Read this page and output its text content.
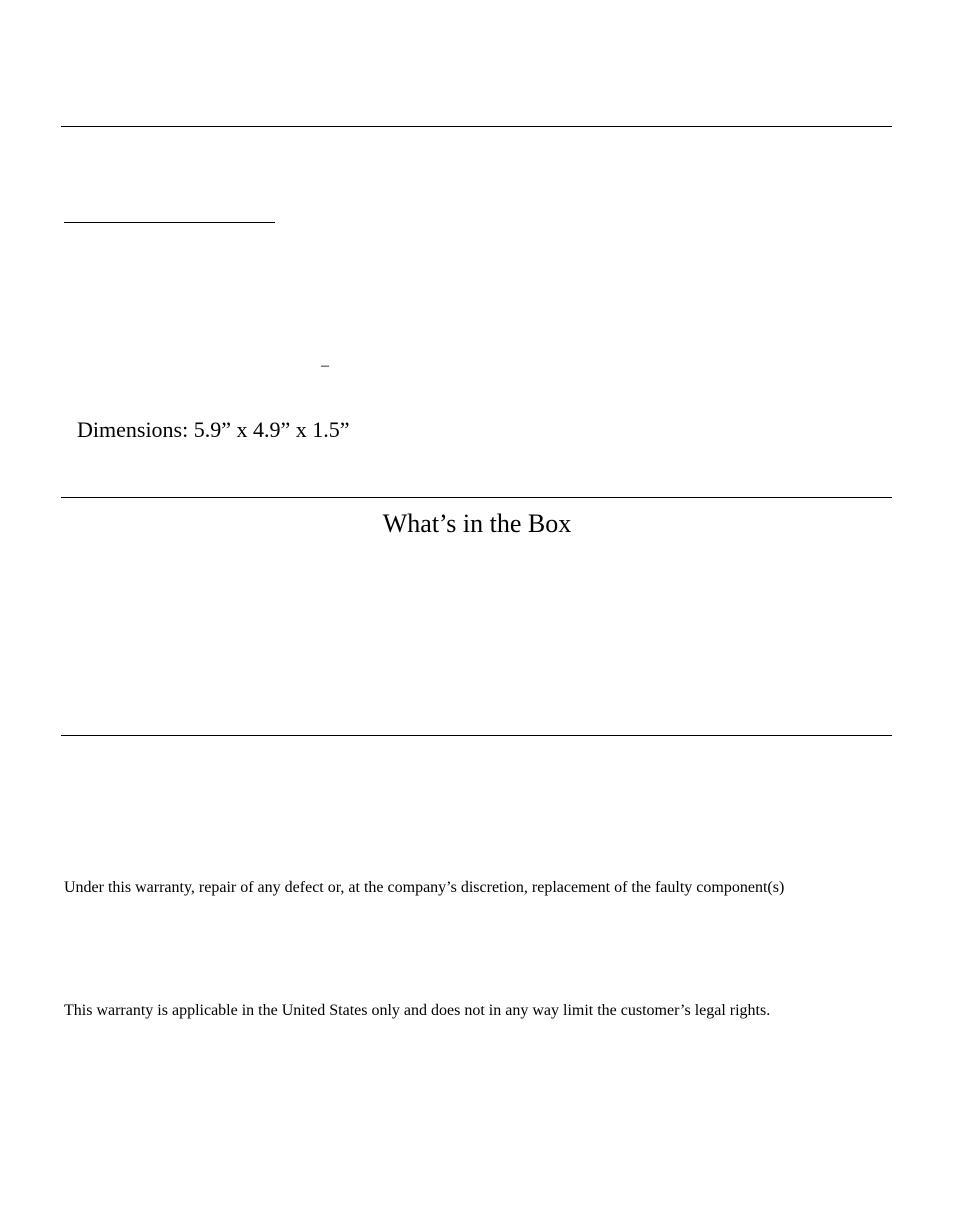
–
Dimensions: 5.9” x 4.9” x 1.5”
What’s in the Box
Under this warranty, repair of any defect or, at the company’s discretion, replacement of the faulty component(s)
This warranty is applicable in the United States only and does not in any way limit the customer’s legal rights.
